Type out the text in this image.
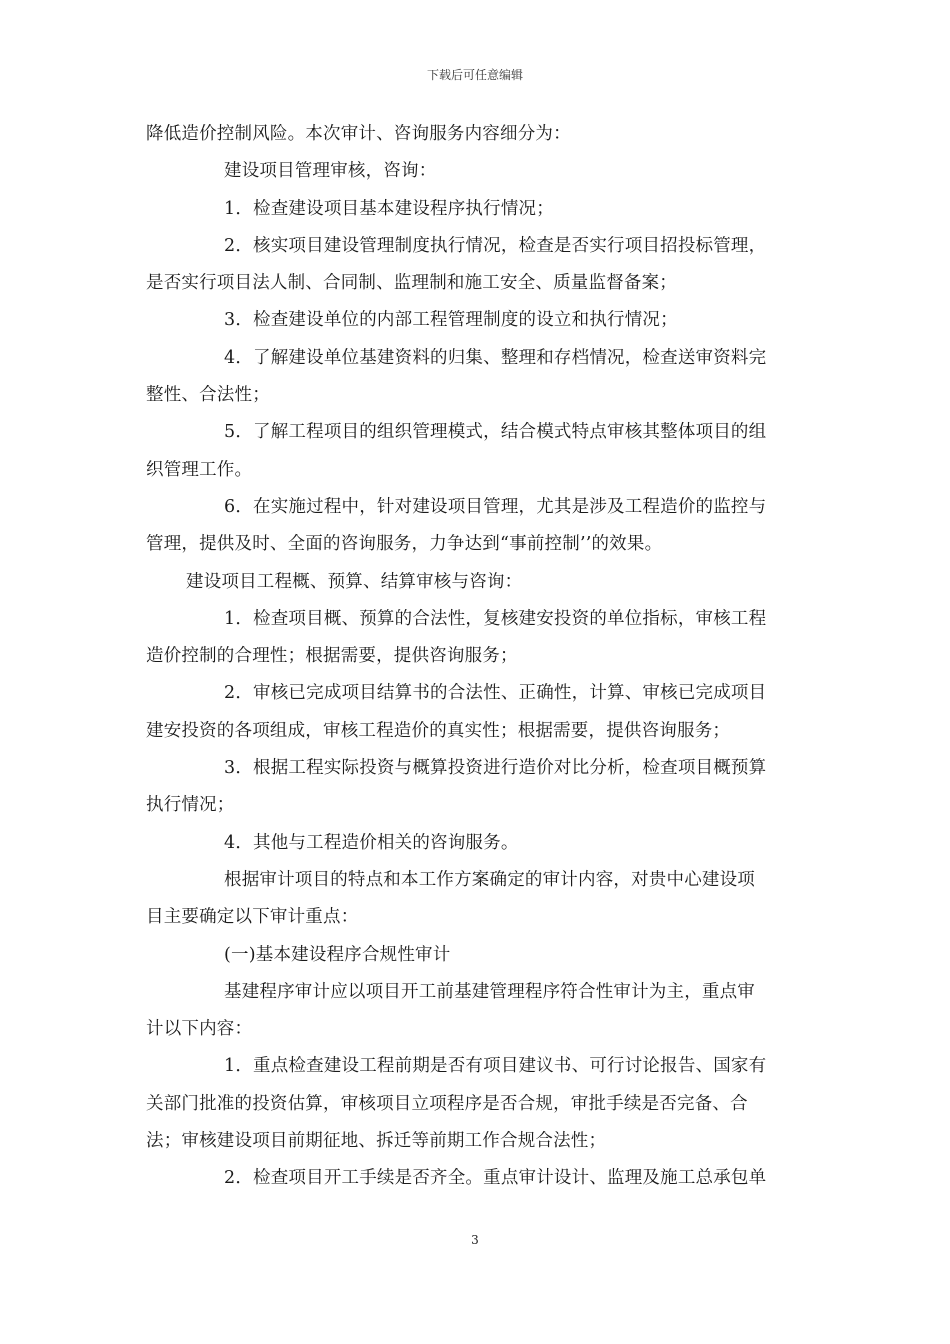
下载后可任意编辑
降低造价控制风险。本次审计、咨询服务内容细分为：
建设项目管理审核，咨询：
1．检查建设项目基本建设程序执行情况；
2．核实项目建设管理制度执行情况，检查是否实行项目招投标管理，
是否实行项目法人制、合同制、监理制和施工安全、质量监督备案；
3．检查建设单位的内部工程管理制度的设立和执行情况；
4．了解建设单位基建资料的归集、整理和存档情况，检查送审资料完
整性、合法性；
5．了解工程项目的组织管理模式，结合模式特点审核其整体项目的组
织管理工作。
6．在实施过程中，针对建设项目管理，尤其是涉及工程造价的监控与
管理，提供及时、全面的咨询服务，力争达到“事前控制’’的效果。
建设项目工程概、预算、结算审核与咨询：
1．检查项目概、预算的合法性，复核建安投资的单位指标，审核工程
造价控制的合理性；根据需要，提供咨询服务；
2．审核已完成项目结算书的合法性、正确性，计算、审核已完成项目
建安投资的各项组成，审核工程造价的真实性；根据需要，提供咨询服务；
3．根据工程实际投资与概算投资进行造价对比分析，检查项目概预算
执行情况；
4．其他与工程造价相关的咨询服务。
根据审计项目的特点和本工作方案确定的审计内容，对贵中心建设项
目主要确定以下审计重点：
(一)基本建设程序合规性审计
基建程序审计应以项目开工前基建管理程序符合性审计为主，重点审
计以下内容：
1．重点检查建设工程前期是否有项目建议书、可行讨论报告、国家有
关部门批准的投资估算，审核项目立项程序是否合规，审批手续是否完备、合
法；审核建设项目前期征地、拆迁等前期工作合规合法性；
2．检查项目开工手续是否齐全。重点审计设计、监理及施工总承包单
3
